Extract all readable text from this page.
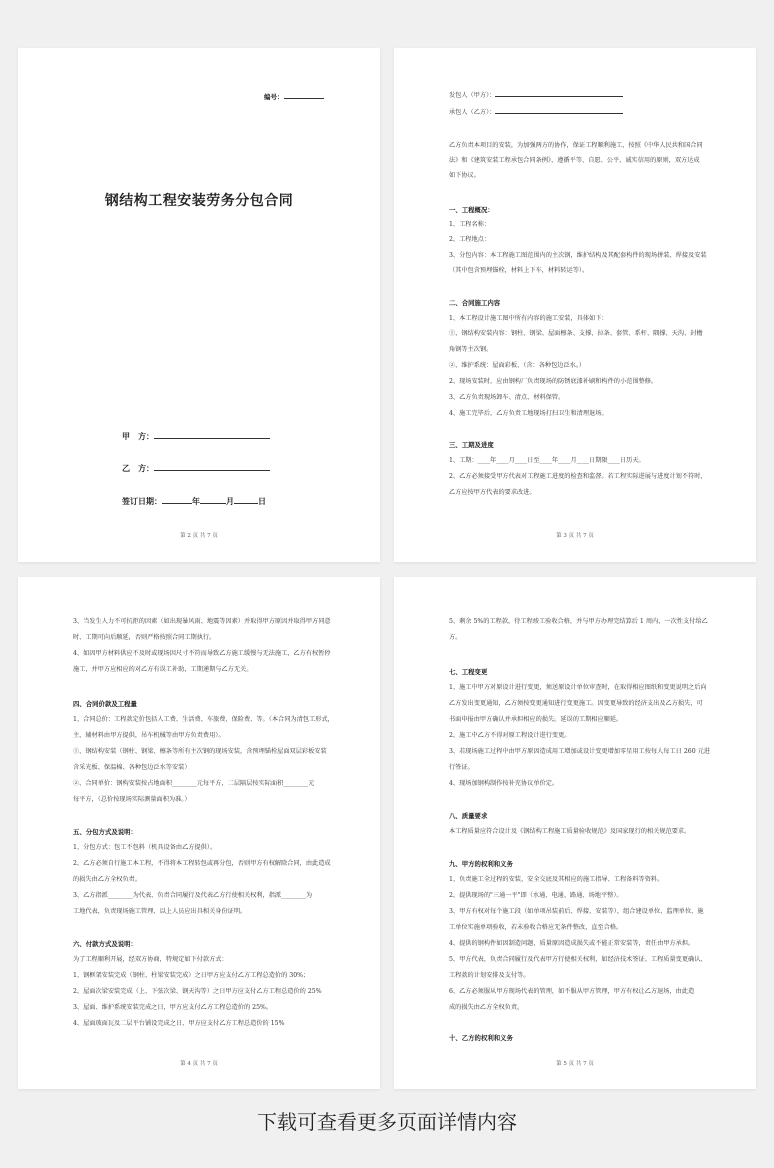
编号：
钢结构工程安装劳务分包合同
甲　方：
乙　方：
签订日期：	年	月	日
第 2 页 共 7 页
发包人（甲方）：
承包人（乙方）：
乙方负责本项目的安装，为加强两方的协作，保证工程顺利施工，按照《中华人民共和国合同
法》和《建筑安装工程承包合同条例》，遵循平等、自愿、公平、诚实信用的原则，双方达成
如下协议。
一、工程概况：
1、工程名称：
2、工程地点：
3、分包内容：本工程施工图范围内的主次钢，维护结构及其配套构件的现场拼装、焊接及安装
（其中包含预埋锚栓，材料上下车，材料转运等）。
二、合同施工内容
1、本工程设计施工图中所有内容的施工安装，具体如下：
①、钢结构安装内容：钢柱、钢梁、屋面檩条、支撑、拉条、套管、系杆、隅撑、天沟、封檐
角钢等主次钢。
②、维护系统：屋面彩板、（含：各种包边泛水。）
2、现场安装时，应由钢构厂负责现场的防锈底漆补刷和构件的小范围整修。
3、乙方负责现场卸车、清点、材料保管。
4、施工完毕后，乙方负责工地现场打扫卫生和清理退场。
三、工期及进度
1、工期：____年____月____日至____年____月____日期限____日历天。
2、乙方必须接受甲方代表对工程施工进度的检查和监督。若工程实际进展与进度计划不符时，
乙方应按甲方代表的要求改进。
第 3 页 共 7 页
3、当发生人力不可抗拒的因素（如出现暴风雨、地震等因素）并取得甲方原因并取得甲方同意
时，工期可向后顺延，否则严格按照合同工期执行。
4、如因甲方材料供应不及时或现场因尺寸不符而导致乙方施工缓慢与无法施工，乙方有权暂停
施工，并甲方应相应的对乙方有误工补助，工期递期与乙方无关。
四、合同价款及工程量
1、合同总价：工程款定价包括人工费、生活费、车旅费、保险费、等。（本合同为清包工形式，
主、辅材料由甲方提供，吊车机械等由甲方负责费用）。
①、钢结构安装（钢柱、钢梁、檩条等所有主次钢的现场安装，含预埋锚栓屋面双层彩板安装
含采光板、保温棉、各种包边泛水等安装）
②、合同单价：钢构安装按占地面积________元每平方，二层隔层按实际面积________元
每平方，（总价按现场实际测量面积为准。）
五、分包方式及说明：
1、分包方式：包工不包料（机具设备由乙方提供）。
2、乙方必须自行施工本工程，不得将本工程转包或再分包，否则甲方有权解除合同，由此造成
的损失由乙方全权负责。
3、乙方指派________为代表，负责合同履行及代表乙方行使相关权利，指派________为
工地代表，负责现场施工管理、以上人员应出具相关身份证明。
六、付款方式及说明：
为了工程顺利开展，经双方协商，特规定如下付款方式：
1、钢框架安装完成（钢柱、柱梁安装完成）之日甲方应支付乙方工程总造价的 30%；
2、屋面次梁安装完成（上、下弦次梁、钢天沟等）之日甲方应支付乙方工程总造价的 25%
3、屋面、维护系统安装完成之日，甲方应支付乙方工程总造价的 25%。
4、屋面玻面瓦及二层平台铺设完成之日，甲方应支付乙方工程总造价的 15%
第 4 页 共 7 页
5、剩余 5%的工程款，待工程竣工验收合格，并与甲方办理完结算后 1 周内，一次性支付给乙
方。
七、工程变更
1、施工中甲方对原设计进行变更，须送原设计单位审查时，在取得相应图纸和变更说明之后向
乙方发出变更通知，乙方须按变更通知进行变更施工。因变更导致的经济支出及乙方损失，可
书面申报由甲方确认并承担相应的损失。延误的工期相应顺延。
2、施工中乙方不得对原工程设计进行变更。
3、若现场施工过程中由甲方原因造成用工增加或设计变更增加零星用工按每人每工日 260 元进
行签证。
4、现场加钢构制作按补充协议单价定。
八、质量要求
本工程质量应符合设计及《钢结构工程施工质量验收规范》及国家现行的相关规范要求。
九、甲方的权利和义务
1、负责施工全过程的安装、安全交底及其相应的施工指导、工程备料等资料。
2、提供现场的"三通一平"即（水通、电通、路通、场地平整）。
3、甲方有权对每个施工段（如单项吊装前后、焊接、安装等），组合建设单位、监理单位、施
工单位实施单项验收，若未验收合格应无条件整改，直至合格。
4、提供的钢构件如因制造问题、质量原因造成损失或不能正常安装等，责任由甲方承担。
5、甲方代表，负责合同履行及代表甲方行使相关权利，如经济技术签证、工程质量变更确认、
工程款的计划安排及支付等。
6、乙方必须服从甲方现场代表的管理，如不服从甲方管理，甲方有权让乙方退场，由此造
成的损失由乙方全权负责。
十、乙方的权利和义务
第 5 页 共 7 页
下载可查看更多页面详情内容
